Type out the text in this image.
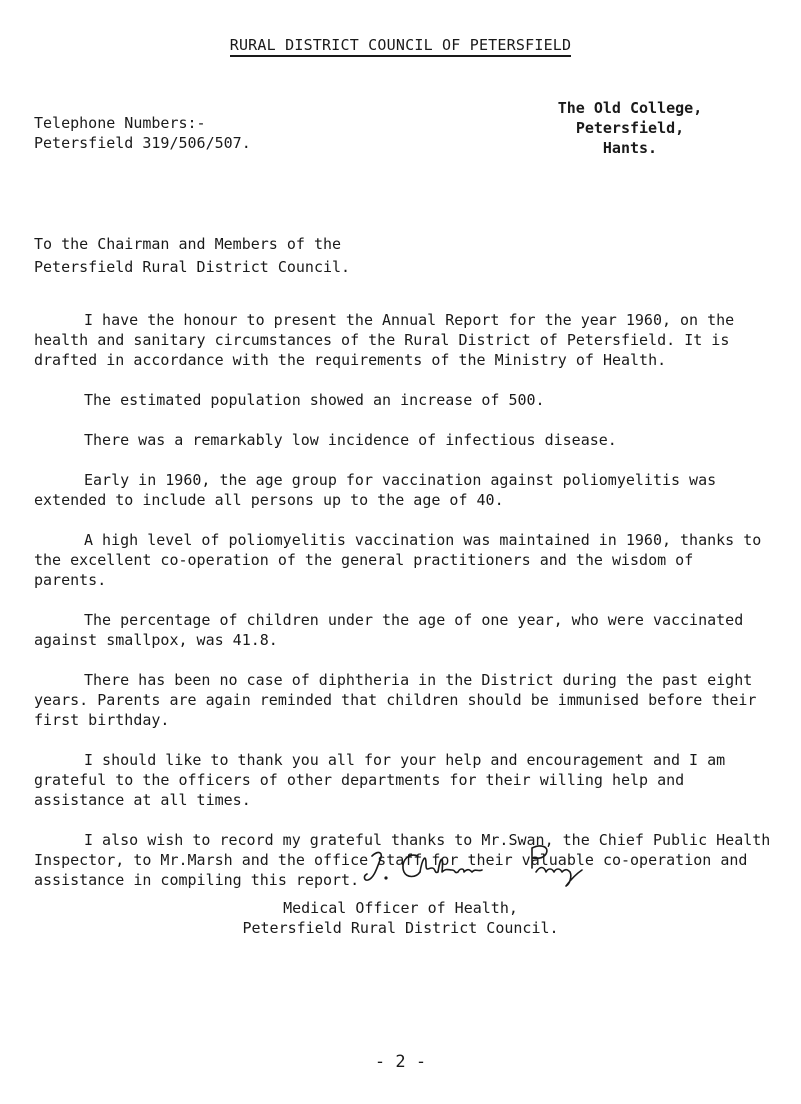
RURAL DISTRICT COUNCIL OF PETERSFIELD
Telephone Numbers:-
Petersfield 319/506/507.
The Old College,
Petersfield,
Hants.
To the Chairman and Members of the
Petersfield Rural District Council.

I have the honour to present the Annual Report for the year 1960, on the health and sanitary circumstances of the Rural District of Petersfield. It is drafted in accordance with the requirements of the Ministry of Health.

The estimated population showed an increase of 500.

There was a remarkably low incidence of infectious disease.

Early in 1960, the age group for vaccination against poliomyelitis was extended to include all persons up to the age of 40.

A high level of poliomyelitis vaccination was maintained in 1960, thanks to the excellent co-operation of the general practitioners and the wisdom of parents.

The percentage of children under the age of one year, who were vaccinated against smallpox, was 41.8.

There has been no case of diphtheria in the District during the past eight years. Parents are again reminded that children should be immunised before their first birthday.

I should like to thank you all for your help and encouragement and I am grateful to the officers of other departments for their willing help and assistance at all times.

I also wish to record my grateful thanks to Mr.Swan, the Chief Public Health Inspector, to Mr.Marsh and the office staff for their valuable co-operation and assistance in compiling this report.

Medical Officer of Health,
Petersfield Rural District Council.
- 2 -
